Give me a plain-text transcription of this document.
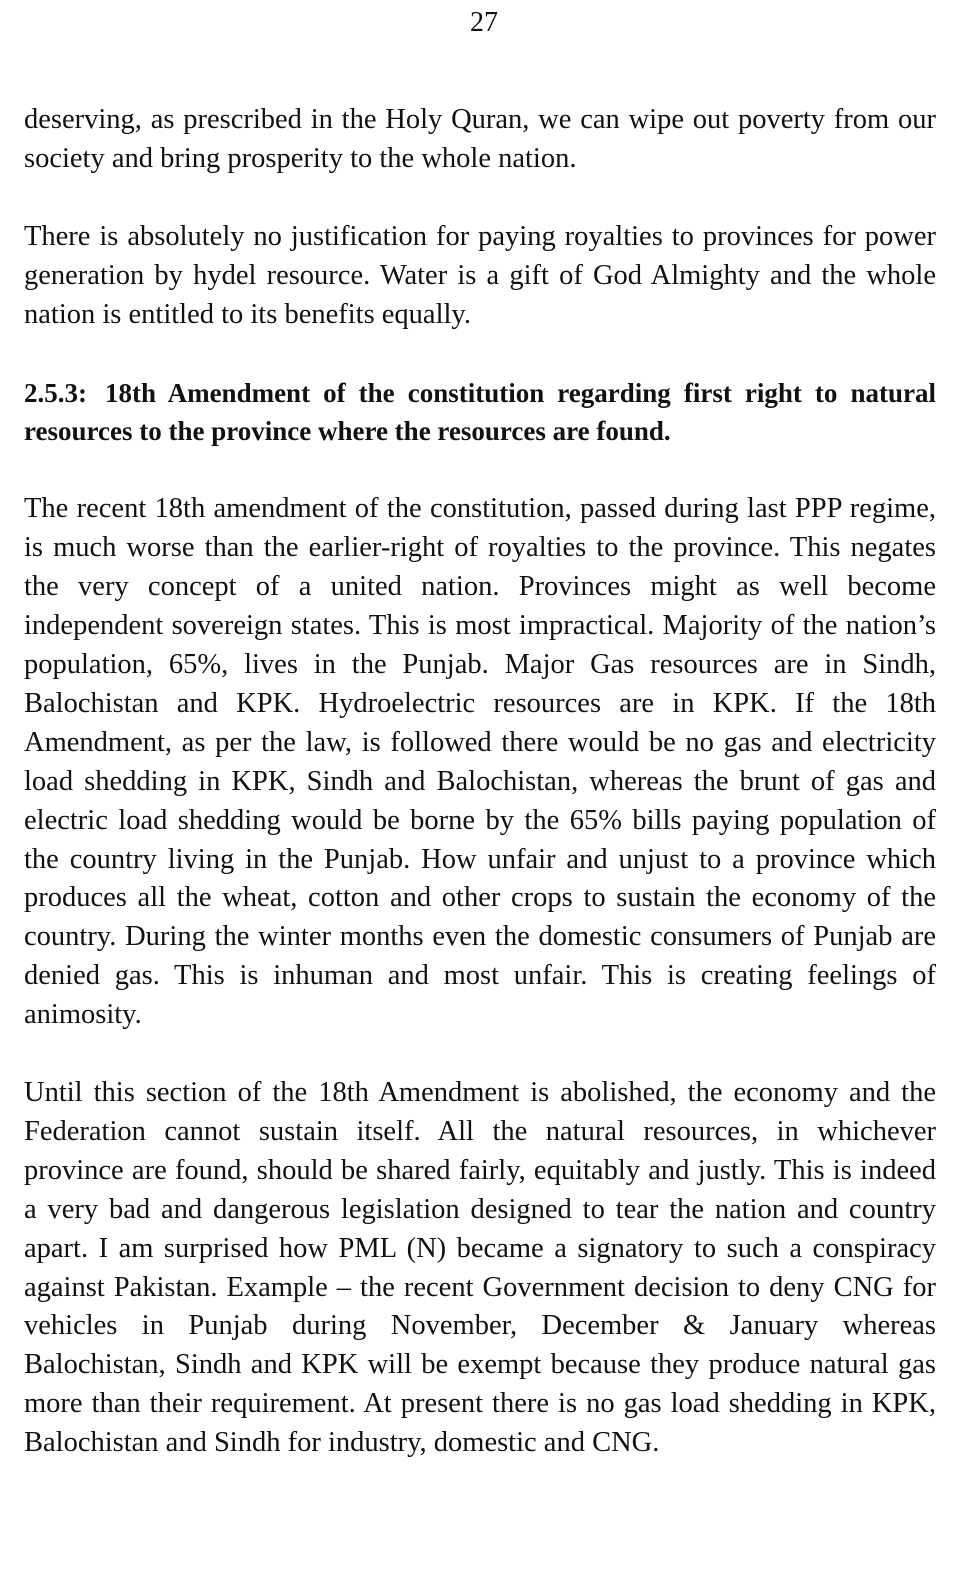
27

deserving, as prescribed in the Holy Quran, we can wipe out poverty from our society and bring prosperity to the whole nation.

There is absolutely no justification for paying royalties to provinces for power generation by hydel resource. Water is a gift of God Almighty and the whole nation is entitled to its benefits equally.

2.5.3: 18th Amendment of the constitution regarding first right to natural resources to the province where the resources are found.

The recent 18th amendment of the constitution, passed during last PPP regime, is much worse than the earlier-right of royalties to the province. This negates the very concept of a united nation. Provinces might as well become independent sovereign states. This is most impractical. Majority of the nation’s population, 65%, lives in the Punjab. Major Gas resources are in Sindh, Balochistan and KPK. Hydroelectric resources are in KPK. If the 18th Amendment, as per the law, is followed there would be no gas and electricity load shedding in KPK, Sindh and Balochistan, whereas the brunt of gas and electric load shedding would be borne by the 65% bills paying population of the country living in the Punjab. How unfair and unjust to a province which produces all the wheat, cotton and other crops to sustain the economy of the country. During the winter months even the domestic consumers of Punjab are denied gas. This is inhuman and most unfair. This is creating feelings of animosity.

Until this section of the 18th Amendment is abolished, the economy and the Federation cannot sustain itself. All the natural resources, in whichever province are found, should be shared fairly, equitably and justly. This is indeed a very bad and dangerous legislation designed to tear the nation and country apart. I am surprised how PML (N) became a signatory to such a conspiracy against Pakistan. Example – the recent Government decision to deny CNG for vehicles in Punjab during November, December & January whereas Balochistan, Sindh and KPK will be exempt because they produce natural gas more than their requirement. At present there is no gas load shedding in KPK, Balochistan and Sindh for industry, domestic and CNG.
